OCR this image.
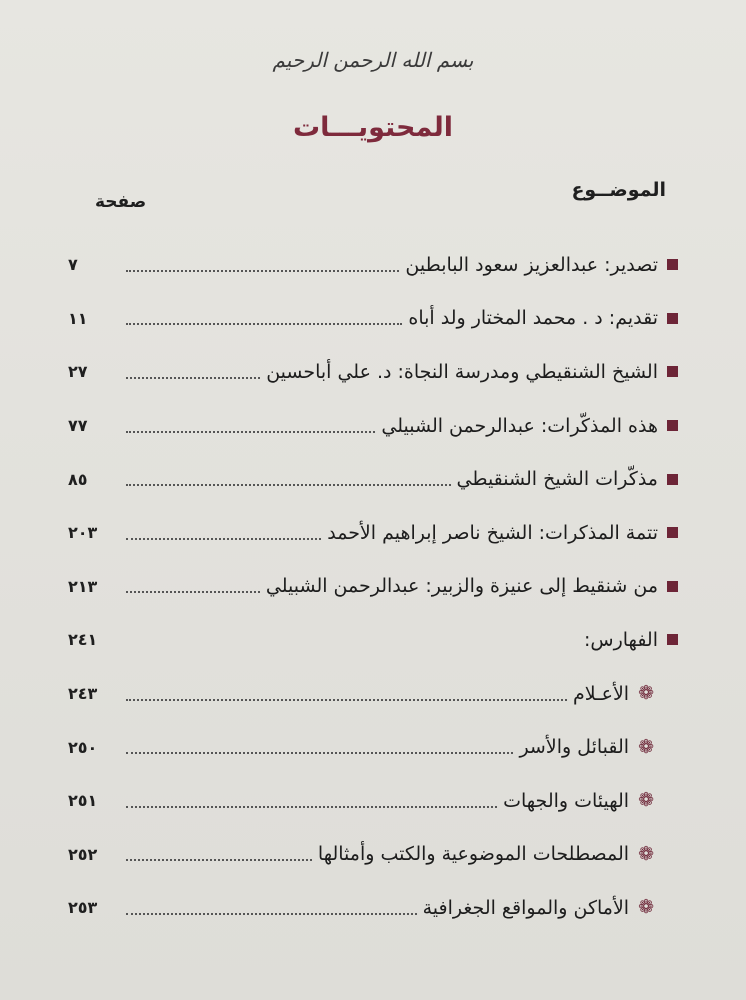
بسم الله الرحمن الرحيم
المحتويـــات
الموضــوع
صفحة
تصدير: عبدالعزيز سعود البابطين
٧
تقديم: د . محمد المختار ولد أباه
١١
الشيخ الشنقيطي ومدرسة النجاة: د. علي أباحسين
٢٧
هذه المذكّرات: عبدالرحمن الشبيلي
٧٧
مذكّرات الشيخ الشنقيطي
٨٥
تتمة المذكرات: الشيخ ناصر إبراهيم الأحمد
٢٠٣
من شنقيط إلى عنيزة والزبير: عبدالرحمن الشبيلي
٢١٣
الفهارس:
٢٤١
❁
الأعـلام
٢٤٣
❁
القبائل والأسر
٢٥٠
❁
الهيئات والجهات
٢٥١
❁
المصطلحات الموضوعية والكتب وأمثالها
٢٥٢
❁
الأماكن والمواقع الجغرافية
٢٥٣
